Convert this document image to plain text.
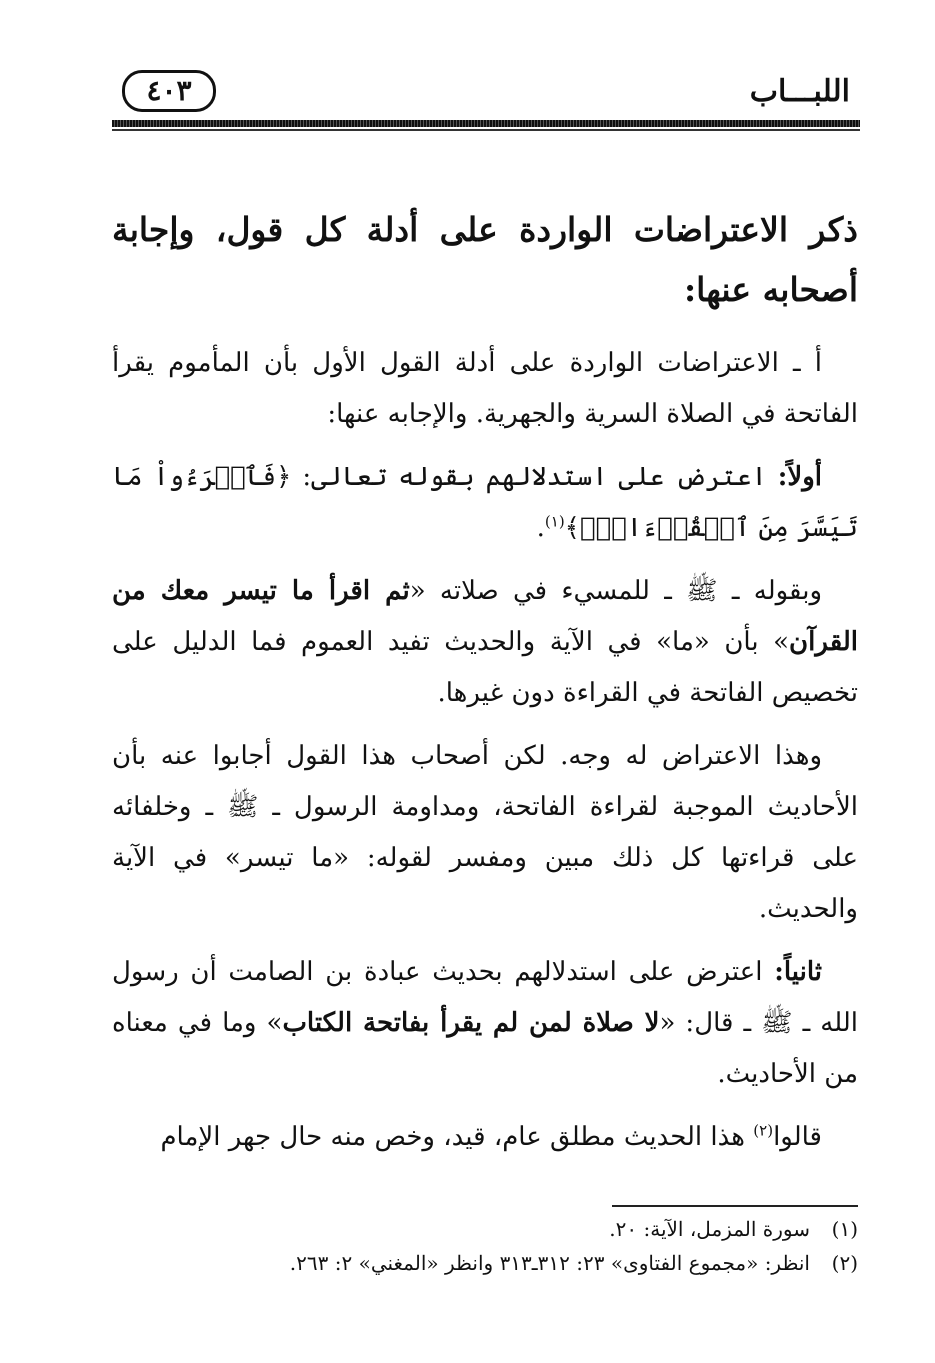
اللبـــاب
٤٠٣
ذكر الاعتراضات الواردة على أدلة كل قول، وإجابة أصحابه عنها:

أ ـ الاعتراضات الواردة على أدلة القول الأول بأن المأموم يقرأ الفاتحة في الصلاة السرية والجهرية. والإجابه عنها:

أولاً: اعترض على استدلالهم بقوله تعالى: ﴿فَٱقۡرَءُواْ مَا تَيَسَّرَ مِنَ ٱلۡقُرۡءَانِۚ﴾$^{(١)}$.

وبقوله ـ ﷺ ـ للمسيء في صلاته «ثم اقرأ ما تيسر معك من القرآن» بأن «ما» في الآية والحديث تفيد العموم فما الدليل على تخصيص الفاتحة في القراءة دون غيرها.

وهذا الاعتراض له وجه. لكن أصحاب هذا القول أجابوا عنه بأن الأحاديث الموجبة لقراءة الفاتحة، ومداومة الرسول ـ ﷺ ـ وخلفائه على قراءتها كل ذلك مبين ومفسر لقوله: «ما تيسر» في الآية والحديث.

ثانياً: اعترض على استدلالهم بحديث عبادة بن الصامت أن رسول الله ـ ﷺ ـ قال: «لا صلاة لمن لم يقرأ بفاتحة الكتاب» وما في معناه من الأحاديث.

قالوا$^{(٢)}$ هذا الحديث مطلق عام، قيد، وخص منه حال جهر الإمام

(١)سورة المزمل، الآية: ٢٠.
(٢)انظر: «مجموع الفتاوى» ٢٣: ٣١٢ـ٣١٣ وانظر «المغني» ٢: ٢٦٣.
